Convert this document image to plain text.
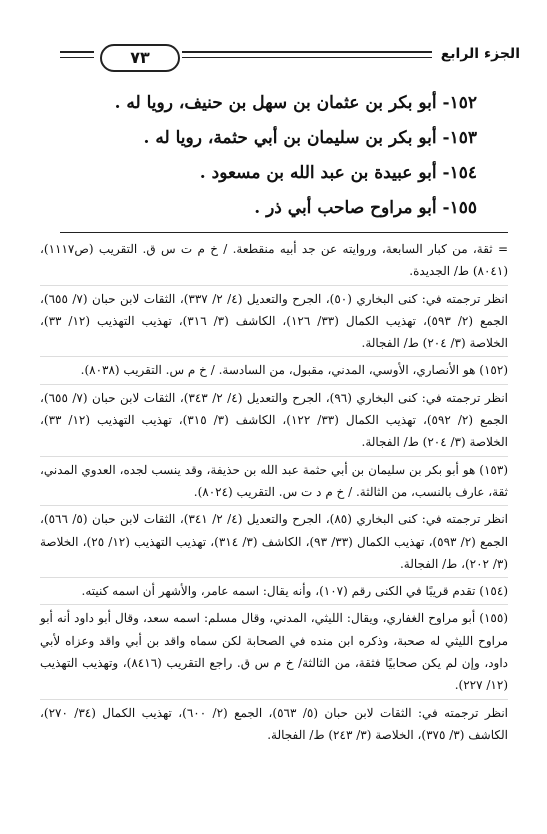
٧٣	الجزء الرابع
١٥٢- أبو بكر بن عثمان بن سهل بن حنيف، رويا له .
١٥٣- أبو بكر بن سليمان بن أبي حثمة، رويا له .
١٥٤- أبو عبيدة بن عبد الله بن مسعود .
١٥٥- أبو مراوح صاحب أبي ذر .
= ثقة، من كبار السابعة، وروايته عن جد أبيه منقطعة. / خ م ت س ق. التقريب (ص١١١٧)، (٨٠٤١) ط/ الجديدة.
انظر ترجمته في: كنى البخاري (٥٠)، الجرح والتعديل (٤/ ٢/ ٣٣٧)، الثقات لابن حبان (٧/ ٦٥٥)، الجمع (٢/ ٥٩٣)، تهذيب الكمال (٣٣/ ١٢٦)، الكاشف (٣/ ٣١٦)، تهذيب التهذيب (١٢/ ٣٣)، الخلاصة (٣/ ٢٠٤) ط/ الفجالة.
(١٥٢) هو الأنصاري، الأوسي، المدني، مقبول، من السادسة. / خ م س. التقريب (٨٠٣٨).
انظر ترجمته في: كنى البخاري (٩٦)، الجرح والتعديل (٤/ ٢/ ٣٤٣)، الثقات لابن حبان (٧/ ٦٥٥)، الجمع (٢/ ٥٩٢)، تهذيب الكمال (٣٣/ ١٢٢)، الكاشف (٣/ ٣١٥)، تهذيب التهذيب (١٢/ ٣٣)، الخلاصة (٣/ ٢٠٤) ط/ الفجالة.
(١٥٣) هو أبو بكر بن سليمان بن أبي حثمة عبد الله بن حذيفة، وقد ينسب لجده، العدوي المدني، ثقة، عارف بالنسب، من الثالثة. / خ م د ت س. التقريب (٨٠٢٤).
انظر ترجمته في: كنى البخاري (٨٥)، الجرح والتعديل (٤/ ٢/ ٣٤١)، الثقات لابن حبان (٥/ ٥٦٦)، الجمع (٢/ ٥٩٣)، تهذيب الكمال (٣٣/ ٩٣)، الكاشف (٣/ ٣١٤)، تهذيب التهذيب (١٢/ ٢٥)، الخلاصة (٣/ ٢٠٢)، ط/ الفجالة.
(١٥٤) تقدم قريبًا في الكنى رقم (١٠٧)، وأنه يقال: اسمه عامر، والأشهر أن اسمه كنيته.
(١٥٥) أبو مراوح الغفاري، ويقال: الليثي، المدني، وقال مسلم: اسمه سعد، وقال أبو داود أنه أبو مراوح الليثي له صحبة، وذكره ابن منده في الصحابة لكن سماه واقد بن أبي واقد وعزاه لأبي داود، وإن لم يكن صحابيًا فثقة، من الثالثة/ خ م س ق. راجع التقريب (٨٤١٦)، وتهذيب التهذيب (١٢/ ٢٢٧).
انظر ترجمته في: الثقات لابن حبان (٥/ ٥٦٣)، الجمع (٢/ ٦٠٠)، تهذيب الكمال (٣٤/ ٢٧٠)، الكاشف (٣/ ٣٧٥)، الخلاصة (٣/ ٢٤٣) ط/ الفجالة.
